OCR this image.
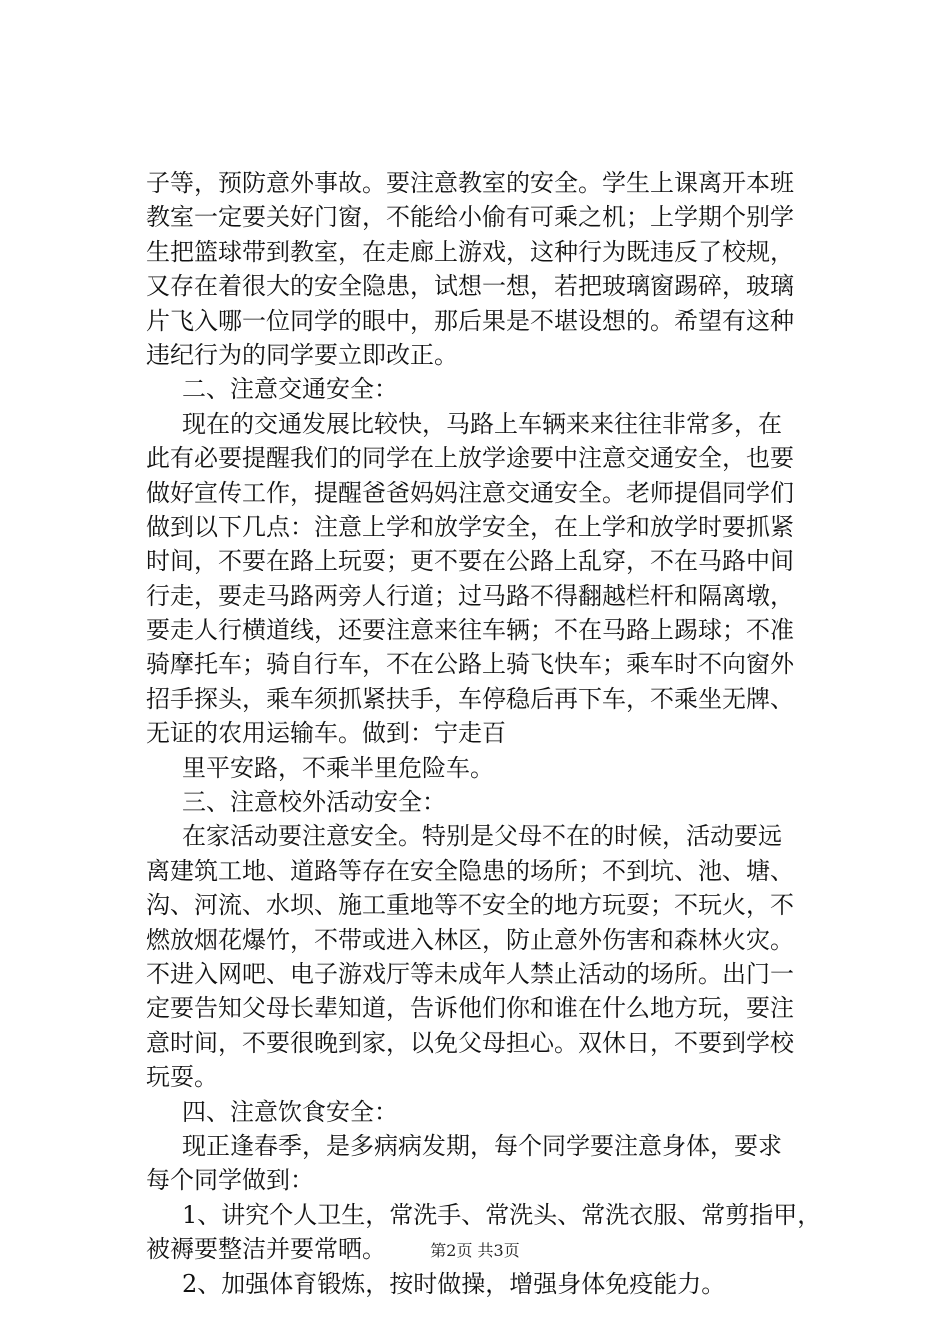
子等，预防意外事故。要注意教室的安全。学生上课离开本班
教室一定要关好门窗，不能给小偷有可乘之机；上学期个别学
生把篮球带到教室，在走廊上游戏，这种行为既违反了校规，
又存在着很大的安全隐患，试想一想，若把玻璃窗踢碎，玻璃
片飞入哪一位同学的眼中，那后果是不堪设想的。希望有这种
违纪行为的同学要立即改正。
二、注意交通安全：
现在的交通发展比较快，马路上车辆来来往往非常多，在
此有必要提醒我们的同学在上放学途要中注意交通安全，也要
做好宣传工作，提醒爸爸妈妈注意交通安全。老师提倡同学们
做到以下几点：注意上学和放学安全，在上学和放学时要抓紧
时间，不要在路上玩耍；更不要在公路上乱穿，不在马路中间
行走，要走马路两旁人行道；过马路不得翻越栏杆和隔离墩，
要走人行横道线，还要注意来往车辆；不在马路上踢球；不准
骑摩托车；骑自行车，不在公路上骑飞快车；乘车时不向窗外
招手探头，乘车须抓紧扶手，车停稳后再下车，不乘坐无牌、
无证的农用运输车。做到：宁走百
里平安路，不乘半里危险车。
三、注意校外活动安全：
在家活动要注意安全。特别是父母不在的时候，活动要远
离建筑工地、道路等存在安全隐患的场所；不到坑、池、塘、
沟、河流、水坝、施工重地等不安全的地方玩耍；不玩火，不
燃放烟花爆竹，不带或进入林区，防止意外伤害和森林火灾。
不进入网吧、电子游戏厅等未成年人禁止活动的场所。出门一
定要告知父母长辈知道，告诉他们你和谁在什么地方玩，要注
意时间，不要很晚到家，以免父母担心。双休日，不要到学校
玩耍。
四、注意饮食安全：
现正逢春季，是多病病发期，每个同学要注意身体，要求
每个同学做到：
1、讲究个人卫生，常洗手、常洗头、常洗衣服、常剪指甲，
被褥要整洁并要常晒。
2、加强体育锻炼，按时做操，增强身体免疫能力。
第2页 共3页
